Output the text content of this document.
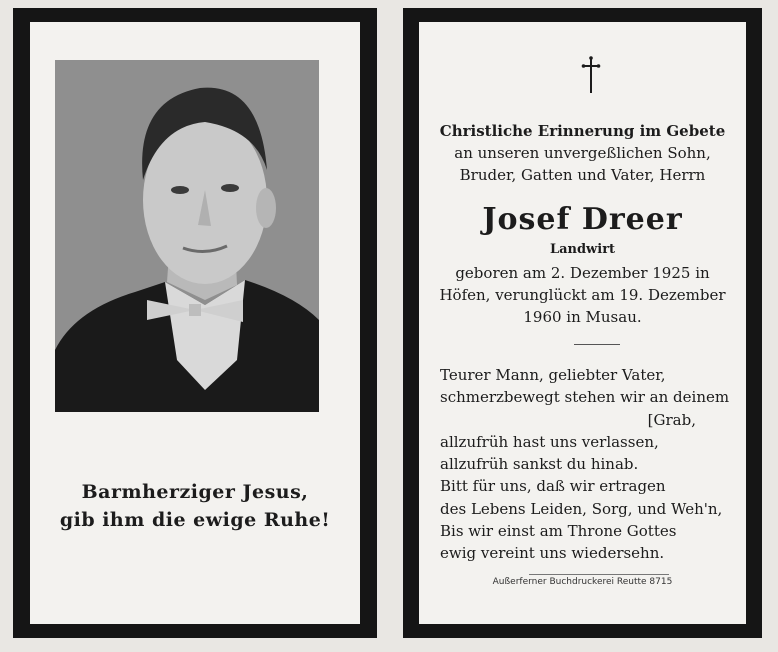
Barmherziger Jesus,
gib ihm die ewige Ruhe!
Christliche Erinnerung im Gebete
an unseren unvergeßlichen Sohn,
Bruder, Gatten und Vater, Herrn
Josef Dreer
Landwirt
geboren am 2. Dezember 1925 in
Höfen, verunglückt am 19. Dezember
1960 in Musau.
Teurer Mann, geliebter Vater,
schmerzbewegt stehen wir an deinem
[Grab,
allzufrüh hast uns verlassen,
allzufrüh sankst du hinab.
Bitt für uns, daß wir ertragen
des Lebens Leiden, Sorg, und Weh'n,
Bis wir einst am Throne Gottes
ewig vereint uns wiedersehn.
Außerferner Buchdruckerei Reutte 8715
